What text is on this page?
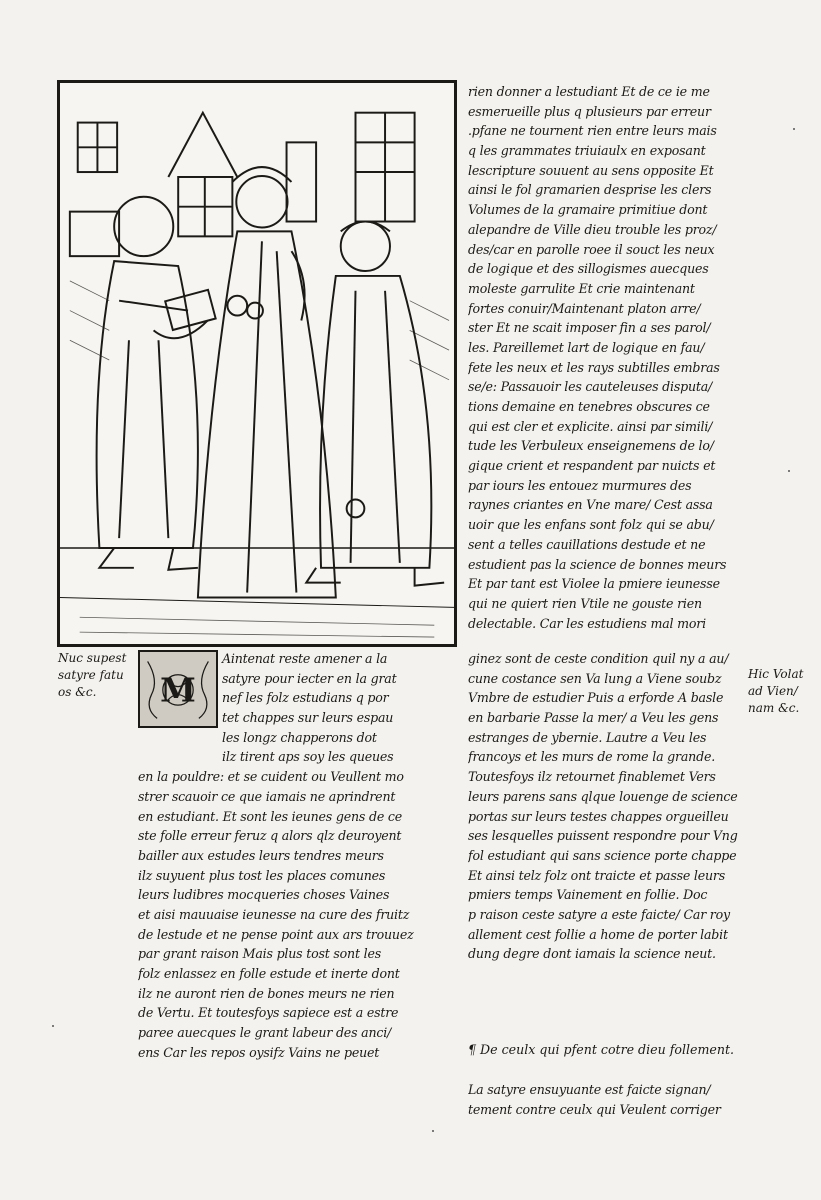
rien donner a lestudiant Et de ce ie me
esmerueille plus q plusieurs par erreur
.pfane ne tournent rien entre leurs mais
q les grammates triuiaulx en exposant
lescripture souuent au sens opposite Et
ainsi le fol gramarien desprise les clers
Volumes de la gramaire primitiue dont
alepandre de Ville dieu trouble les proz/
des/car en parolle roee il souct les neux
de logique et des sillogismes auecques
moleste garrulite Et crie maintenant
fortes conuir/Maintenant platon arre/
ster Et ne scait imposer fin a ses parol/
les. Pareillemet lart de logique en fau/
fete les neux et les rays subtilles embras
se/e: Passauoir les cauteleuses disputa/
tions demaine en tenebres obscures ce
qui est cler et explicite. ainsi par simili/
tude les Verbuleux enseignemens de lo/
gique crient et respandent par nuicts et
par iours les entouez murmures des
raynes criantes en Vne mare/ Cest assa
uoir que les enfans sont folz qui se abu/
sent a telles cauillations destude et ne
estudient pas la science de bonnes meurs
Et par tant est Violee la pmiere ieunesse
qui ne quiert rien Vtile ne gouste rien
delectable. Car les estudiens mal mori
Nuc supest
satyre fatu
os &c.	M
Aintenat reste amener a la
satyre pour iecter en la grat
nef les folz estudians q por
tet chappes sur leurs espau
les longz chapperons dot
ilz tirent aps soy les queues
en la pouldre: et se cuident ou Veullent mo
strer scauoir ce que iamais ne aprindrent
en estudiant. Et sont les ieunes gens de ce
ste folle erreur feruz q alors qlz deuroyent
bailler aux estudes leurs tendres meurs
ilz suyuent plus tost les places comunes
leurs ludibres mocqueries choses Vaines
et aisi mauuaise ieunesse na cure des fruitz
de lestude et ne pense point aux ars trouuez
par grant raison Mais plus tost sont les
folz enlassez en folle estude et inerte dont
ilz ne auront rien de bones meurs ne rien
de Vertu. Et toutesfoys sapiece est a estre
paree auecques le grant labeur des anci/
ens Car les repos oysifz Vains ne peuet
ginez sont de ceste condition quil ny a au/
cune costance sen Va lung a Viene soubz
Vmbre de estudier Puis a erforde A basle
en barbarie Passe la mer/ a Veu les gens
estranges de ybernie. Lautre a Veu les
francoys et les murs de rome la grande.
Toutesfoys ilz retournet finablemet Vers
leurs parens sans qlque louenge de science
portas sur leurs testes chappes orgueilleu
ses lesquelles puissent respondre pour Vng
fol estudiant qui sans science porte chappe
Et ainsi telz folz ont traicte et passe leurs
pmiers temps Vainement en follie. Doc
p raison ceste satyre a este faicte/ Car roy
allement cest follie a home de porter labit
dung degre dont iamais la science neut.
Hic Volat
ad Vien/
nam &c.
¶ De ceulx qui pfent cotre dieu follement.
La satyre ensuyuante est faicte signan/
tement contre ceulx qui Veulent corriger
